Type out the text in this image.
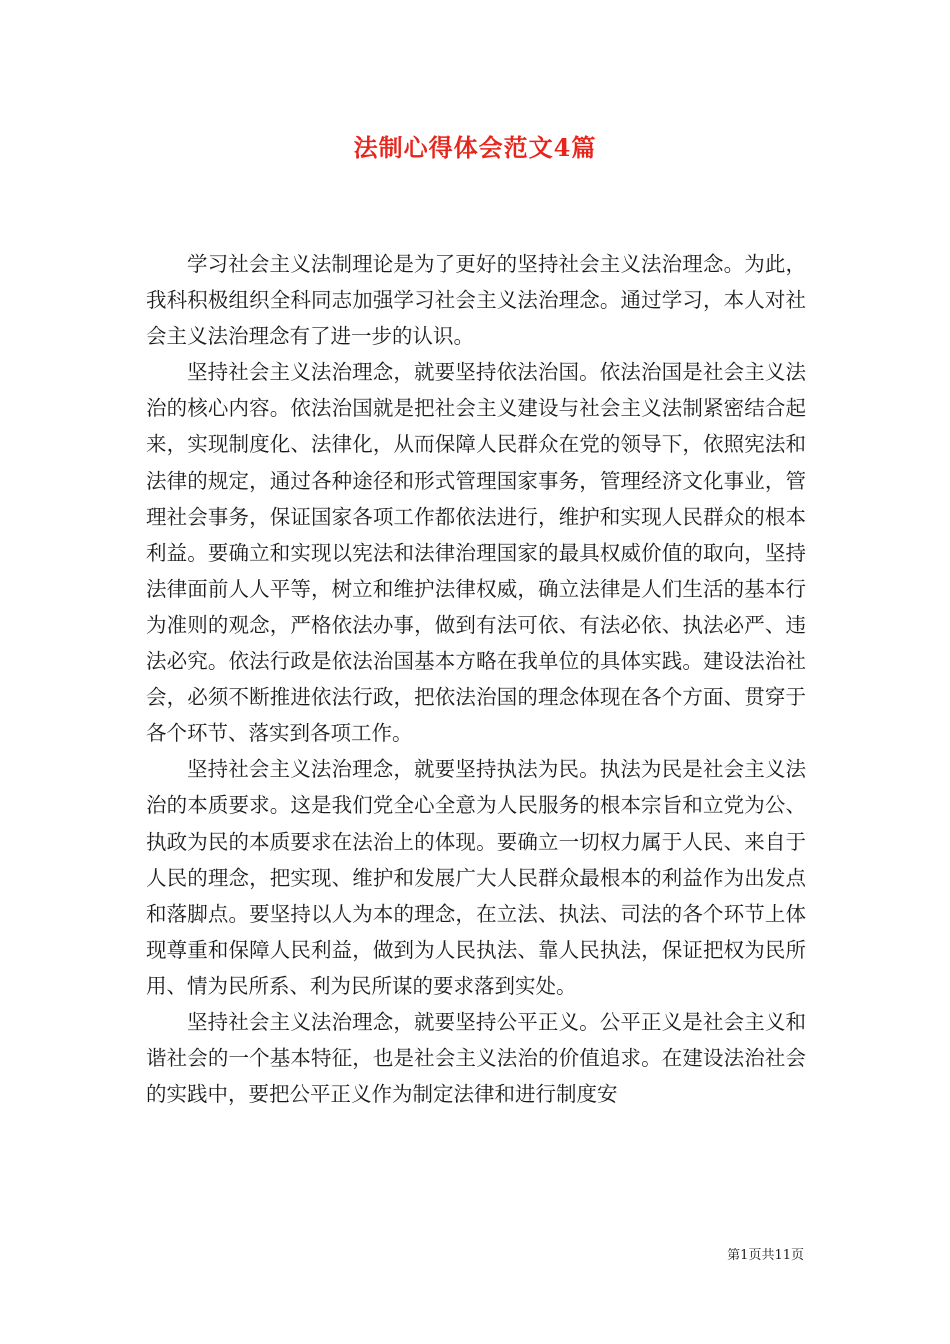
法制心得体会范文4篇

学习社会主义法制理论是为了更好的坚持社会主义法治理念。为此，我科积极组织全科同志加强学习社会主义法治理念。通过学习，本人对社会主义法治理念有了进一步的认识。

坚持社会主义法治理念，就要坚持依法治国。依法治国是社会主义法治的核心内容。依法治国就是把社会主义建设与社会主义法制紧密结合起来，实现制度化、法律化，从而保障人民群众在党的领导下，依照宪法和法律的规定，通过各种途径和形式管理国家事务，管理经济文化事业，管理社会事务，保证国家各项工作都依法进行，维护和实现人民群众的根本利益。要确立和实现以宪法和法律治理国家的最具权威价值的取向，坚持法律面前人人平等，树立和维护法律权威，确立法律是人们生活的基本行为准则的观念，严格依法办事，做到有法可依、有法必依、执法必严、违法必究。依法行政是依法治国基本方略在我单位的具体实践。建设法治社会，必须不断推进依法行政，把依法治国的理念体现在各个方面、贯穿于各个环节、落实到各项工作。

坚持社会主义法治理念，就要坚持执法为民。执法为民是社会主义法治的本质要求。这是我们党全心全意为人民服务的根本宗旨和立党为公、执政为民的本质要求在法治上的体现。要确立一切权力属于人民、来自于人民的理念，把实现、维护和发展广大人民群众最根本的利益作为出发点和落脚点。要坚持以人为本的理念，在立法、执法、司法的各个环节上体现尊重和保障人民利益，做到为人民执法、靠人民执法，保证把权为民所用、情为民所系、利为民所谋的要求落到实处。

坚持社会主义法治理念，就要坚持公平正义。公平正义是社会主义和谐社会的一个基本特征，也是社会主义法治的价值追求。在建设法治社会的实践中，要把公平正义作为制定法律和进行制度安

第1页共11页
